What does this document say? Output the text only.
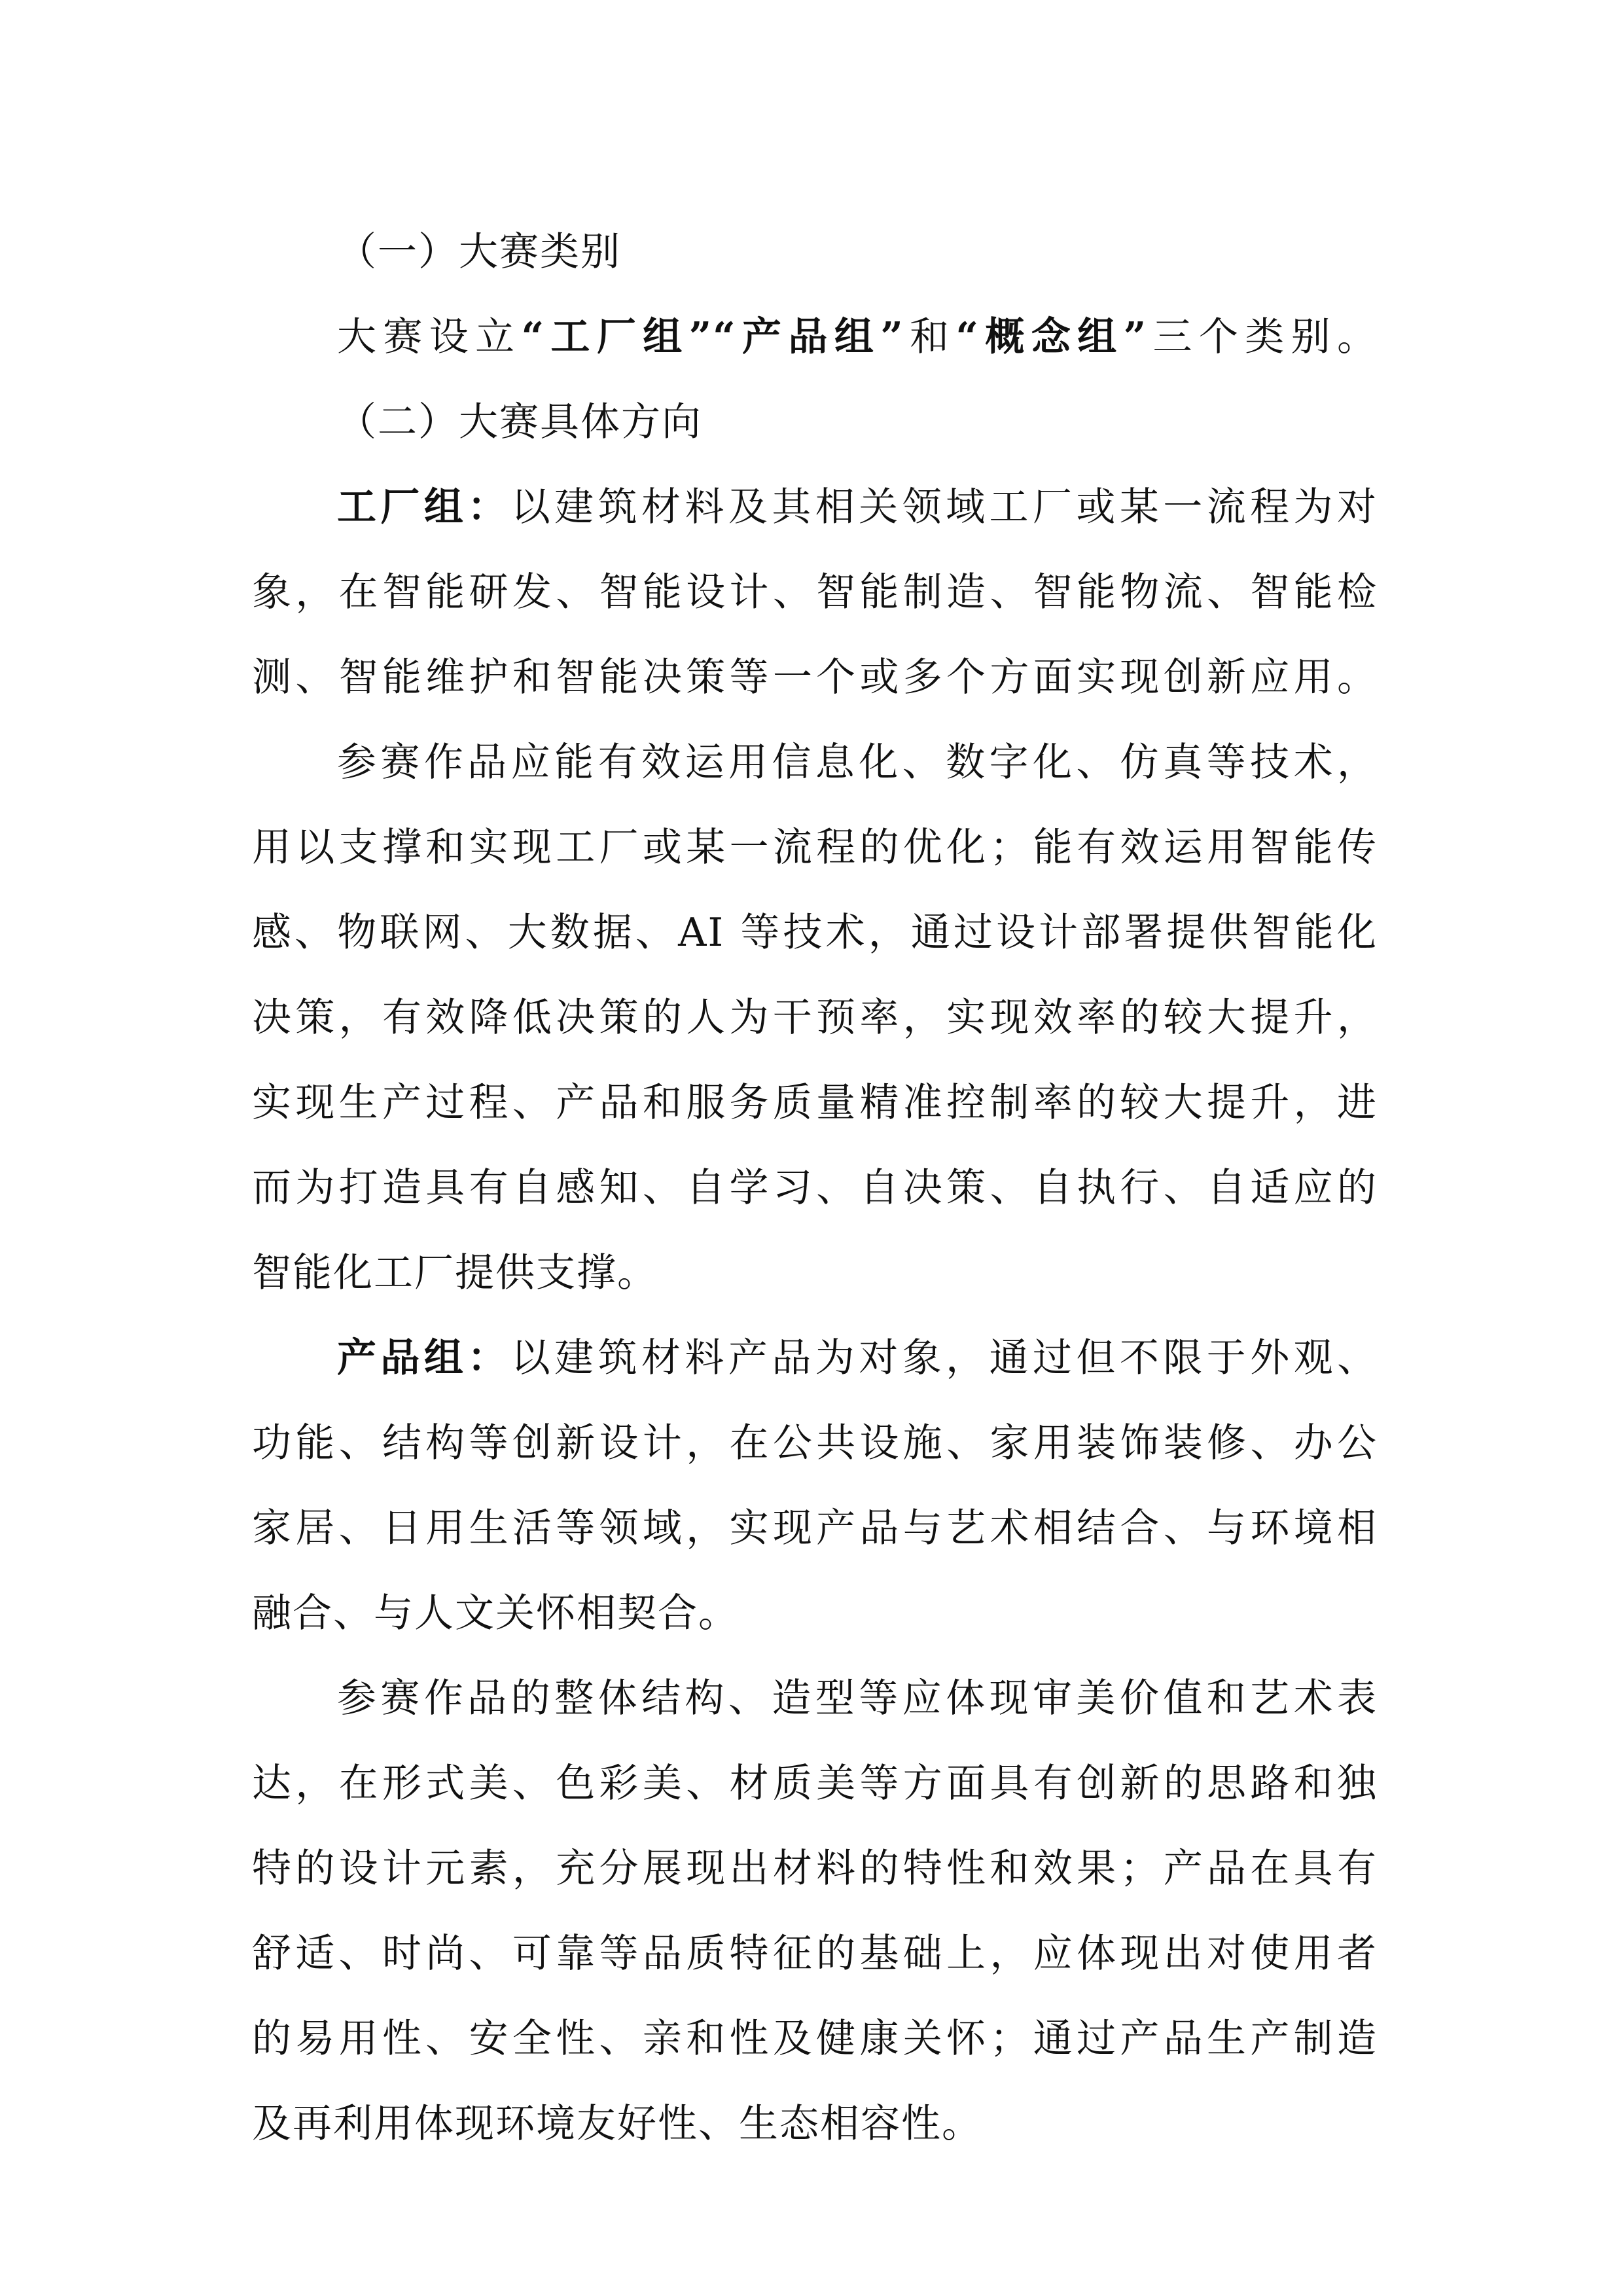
（一）大赛类别
大赛设立“工厂组”“产品组”和“概念组”三个类别。
（二）大赛具体方向
工厂组：以建筑材料及其相关领域工厂或某一流程为对
象，在智能研发、智能设计、智能制造、智能物流、智能检
测、智能维护和智能决策等一个或多个方面实现创新应用。
参赛作品应能有效运用信息化、数字化、仿真等技术，
用以支撑和实现工厂或某一流程的优化；能有效运用智能传
感、物联网、大数据、AI 等技术，通过设计部署提供智能化
决策，有效降低决策的人为干预率，实现效率的较大提升，
实现生产过程、产品和服务质量精准控制率的较大提升，进
而为打造具有自感知、自学习、自决策、自执行、自适应的
智能化工厂提供支撑。
产品组：以建筑材料产品为对象，通过但不限于外观、
功能、结构等创新设计，在公共设施、家用装饰装修、办公
家居、日用生活等领域，实现产品与艺术相结合、与环境相
融合、与人文关怀相契合。
参赛作品的整体结构、造型等应体现审美价值和艺术表
达，在形式美、色彩美、材质美等方面具有创新的思路和独
特的设计元素，充分展现出材料的特性和效果；产品在具有
舒适、时尚、可靠等品质特征的基础上，应体现出对使用者
的易用性、安全性、亲和性及健康关怀；通过产品生产制造
及再利用体现环境友好性、生态相容性。
